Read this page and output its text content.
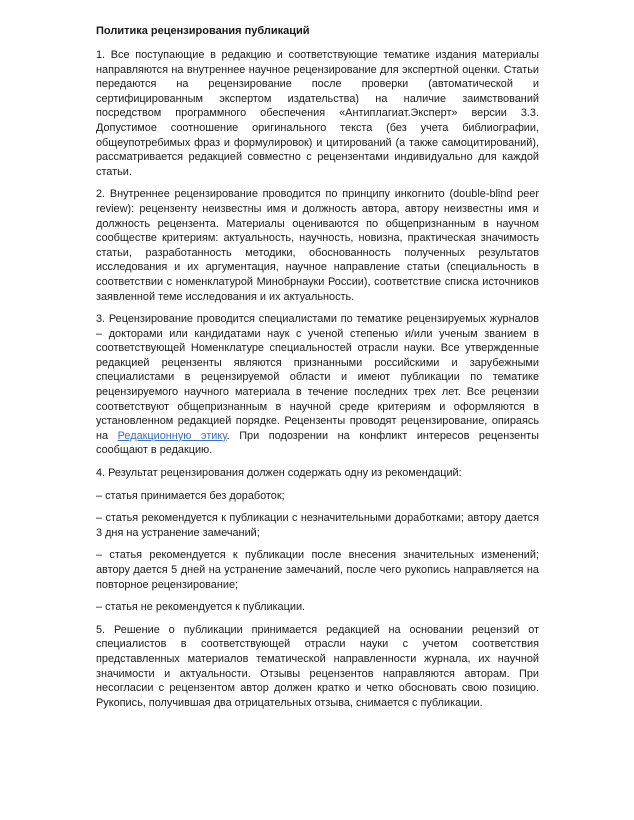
Политика рецензирования публикаций

1. Все поступающие в редакцию и соответствующие тематике издания материалы направляются на внутреннее научное рецензирование для экспертной оценки. Статьи передаются на рецензирование после проверки (автоматической и сертифицированным экспертом издательства) на наличие заимствований посредством программного обеспечения «Антиплагиат.Эксперт» версии 3.3. Допустимое соотношение оригинального текста (без учета библиографии, общеупотребимых фраз и формулировок) и цитирований (а также самоцитирований), рассматривается редакцией совместно с рецензентами индивидуально для каждой статьи.

2. Внутреннее рецензирование проводится по принципу инкогнито (double-blind peer review): рецензенту неизвестны имя и должность автора, автору неизвестны имя и должность рецензента. Материалы оцениваются по общепризнанным в научном сообществе критериям: актуальность, научность, новизна, практическая значимость статьи, разработанность методики, обоснованность полученных результатов исследования и их аргументация, научное направление статьи (специальность в соответствии с номенклатурой Минобрнауки России), соответствие списка источников заявленной теме исследования и их актуальность.

3. Рецензирование проводится специалистами по тематике рецензируемых журналов – докторами или кандидатами наук с ученой степенью и/или ученым званием в соответствующей Номенклатуре специальностей отрасли науки. Все утвержденные редакцией рецензенты являются признанными российскими и зарубежными специалистами в рецензируемой области и имеют публикации по тематике рецензируемого научного материала в течение последних трех лет. Все рецензии соответствуют общепризнанным в научной среде критериям и оформляются в установленном редакцией порядке. Рецензенты проводят рецензирование, опираясь на Редакционную этику. При подозрении на конфликт интересов рецензенты сообщают в редакцию.

4. Результат рецензирования должен содержать одну из рекомендаций:

– статья принимается без доработок;

– статья рекомендуется к публикации с незначительными доработками; автору дается 3 дня на устранение замечаний;

– статья рекомендуется к публикации после внесения значительных изменений; автору дается 5 дней на устранение замечаний, после чего рукопись направляется на повторное рецензирование;

– статья не рекомендуется к публикации.

5. Решение о публикации принимается редакцией на основании рецензий от специалистов в соответствующей отрасли науки с учетом соответствия представленных материалов тематической направленности журнала, их научной значимости и актуальности. Отзывы рецензентов направляются авторам. При несогласии с рецензентом автор должен кратко и четко обосновать свою позицию. Рукопись, получившая два отрицательных отзыва, снимается с публикации.
